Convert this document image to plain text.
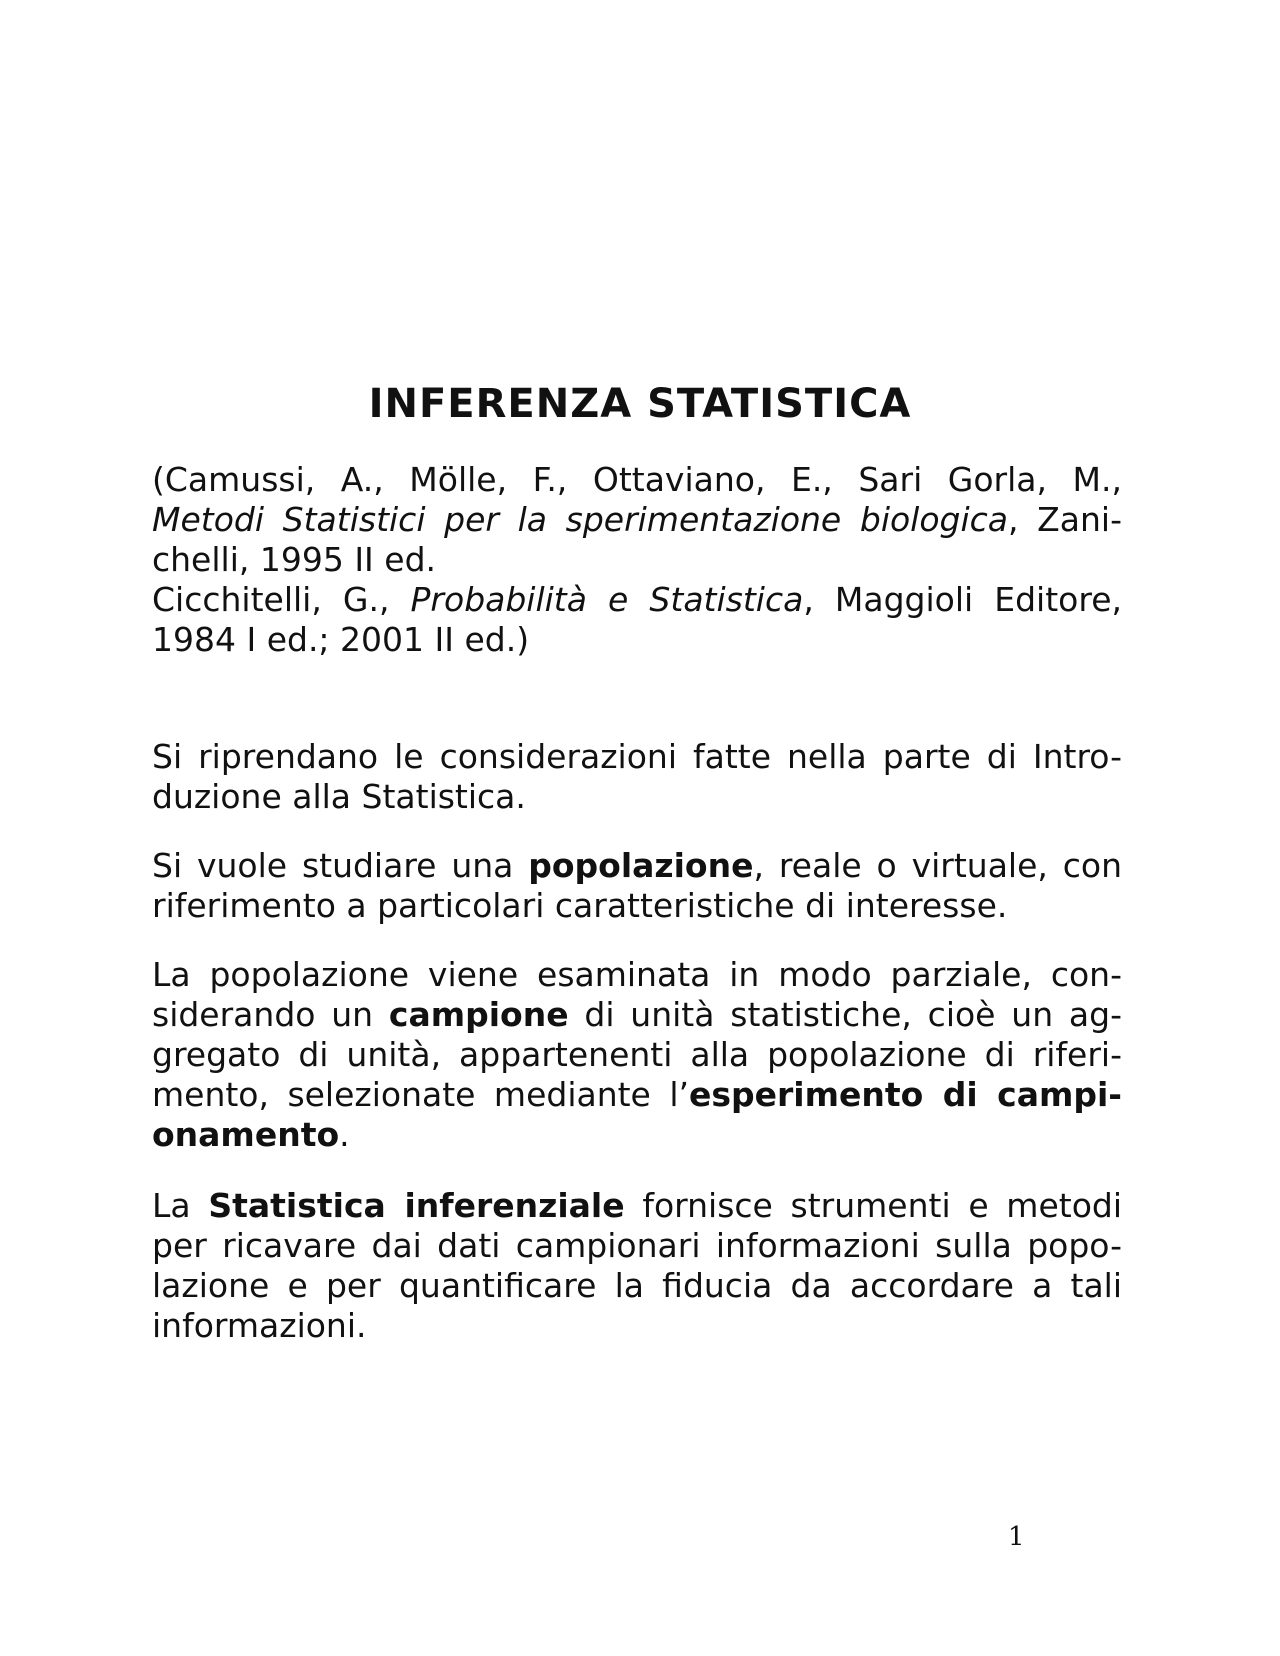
INFERENZA STATISTICA
(Camussi, A., Mölle, F., Ottaviano, E., Sari Gorla, M.,
Metodi Statistici per la sperimentazione biologica, Zani-
chelli, 1995 II ed.
Cicchitelli, G., Probabilità e Statistica, Maggioli Editore,
1984 I ed.; 2001 II ed.)
Si riprendano le considerazioni fatte nella parte di Intro-
duzione alla Statistica.
Si vuole studiare una popolazione, reale o virtuale, con
riferimento a particolari caratteristiche di interesse.
La popolazione viene esaminata in modo parziale, con-
siderando un campione di unità statistiche, cioè un ag-
gregato di unità, appartenenti alla popolazione di riferi-
mento, selezionate mediante l’esperimento di campi-
onamento.
La Statistica inferenziale fornisce strumenti e metodi
per ricavare dai dati campionari informazioni sulla popo-
lazione e per quantificare la fiducia da accordare a tali
informazioni.
1
